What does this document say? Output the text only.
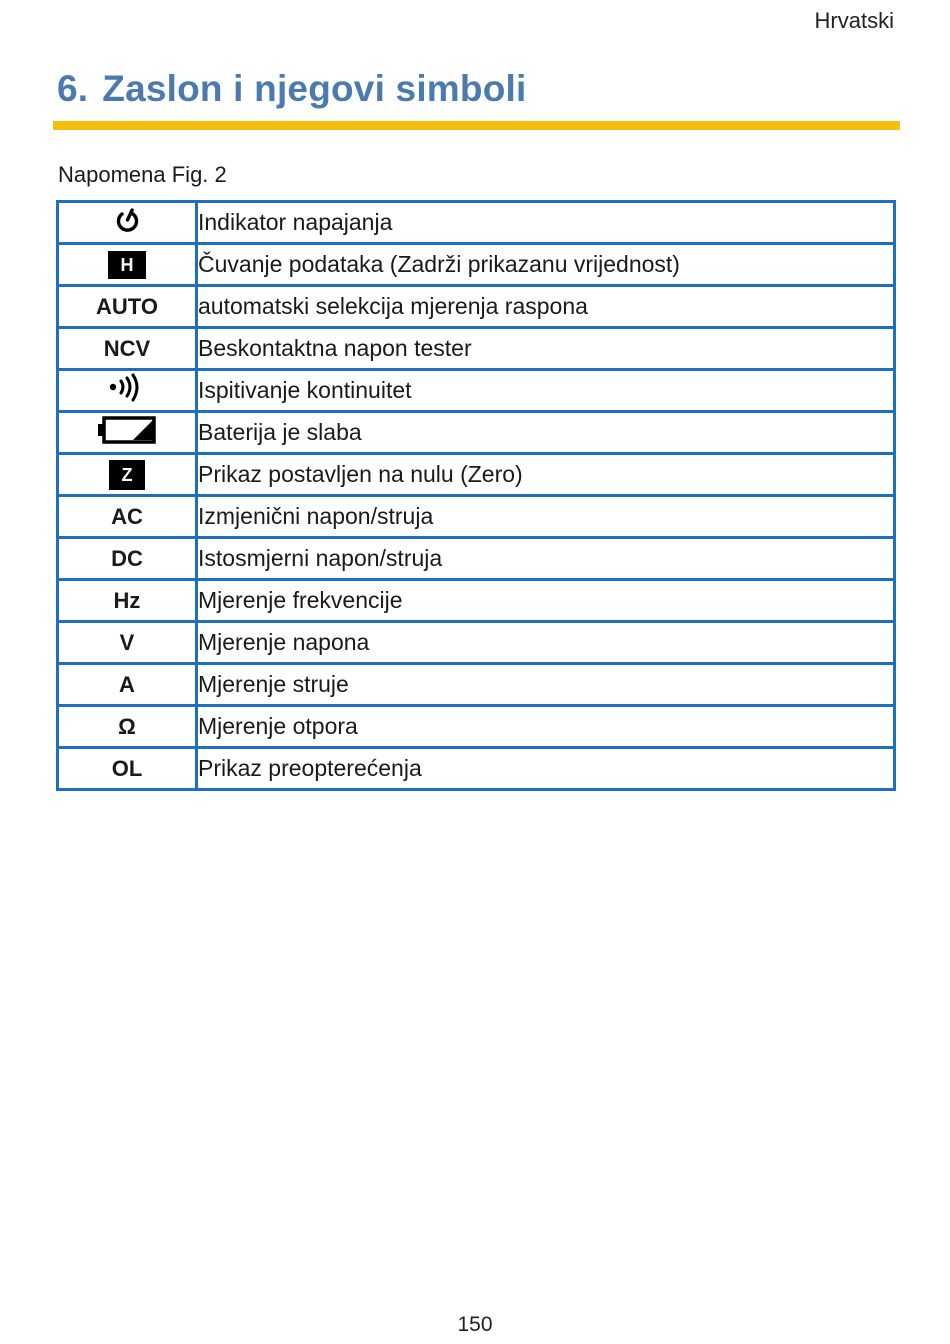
Hrvatski
6. Zaslon i njegovi simboli
Napomena Fig. 2
	Indikator napajanja
H	Čuvanje podataka (Zadrži prikazanu vrijednost)
AUTO	automatski selekcija mjerenja raspona
NCV	Beskontaktna napon tester
	Ispitivanje kontinuitet
	Baterija je slaba
Z	Prikaz postavljen na nulu (Zero)
AC	Izmjenični napon/struja
DC	Istosmjerni napon/struja
Hz	Mjerenje frekvencije
V	Mjerenje napona
A	Mjerenje struje
Ω	Mjerenje otpora
OL	Prikaz preopterećenja
150
